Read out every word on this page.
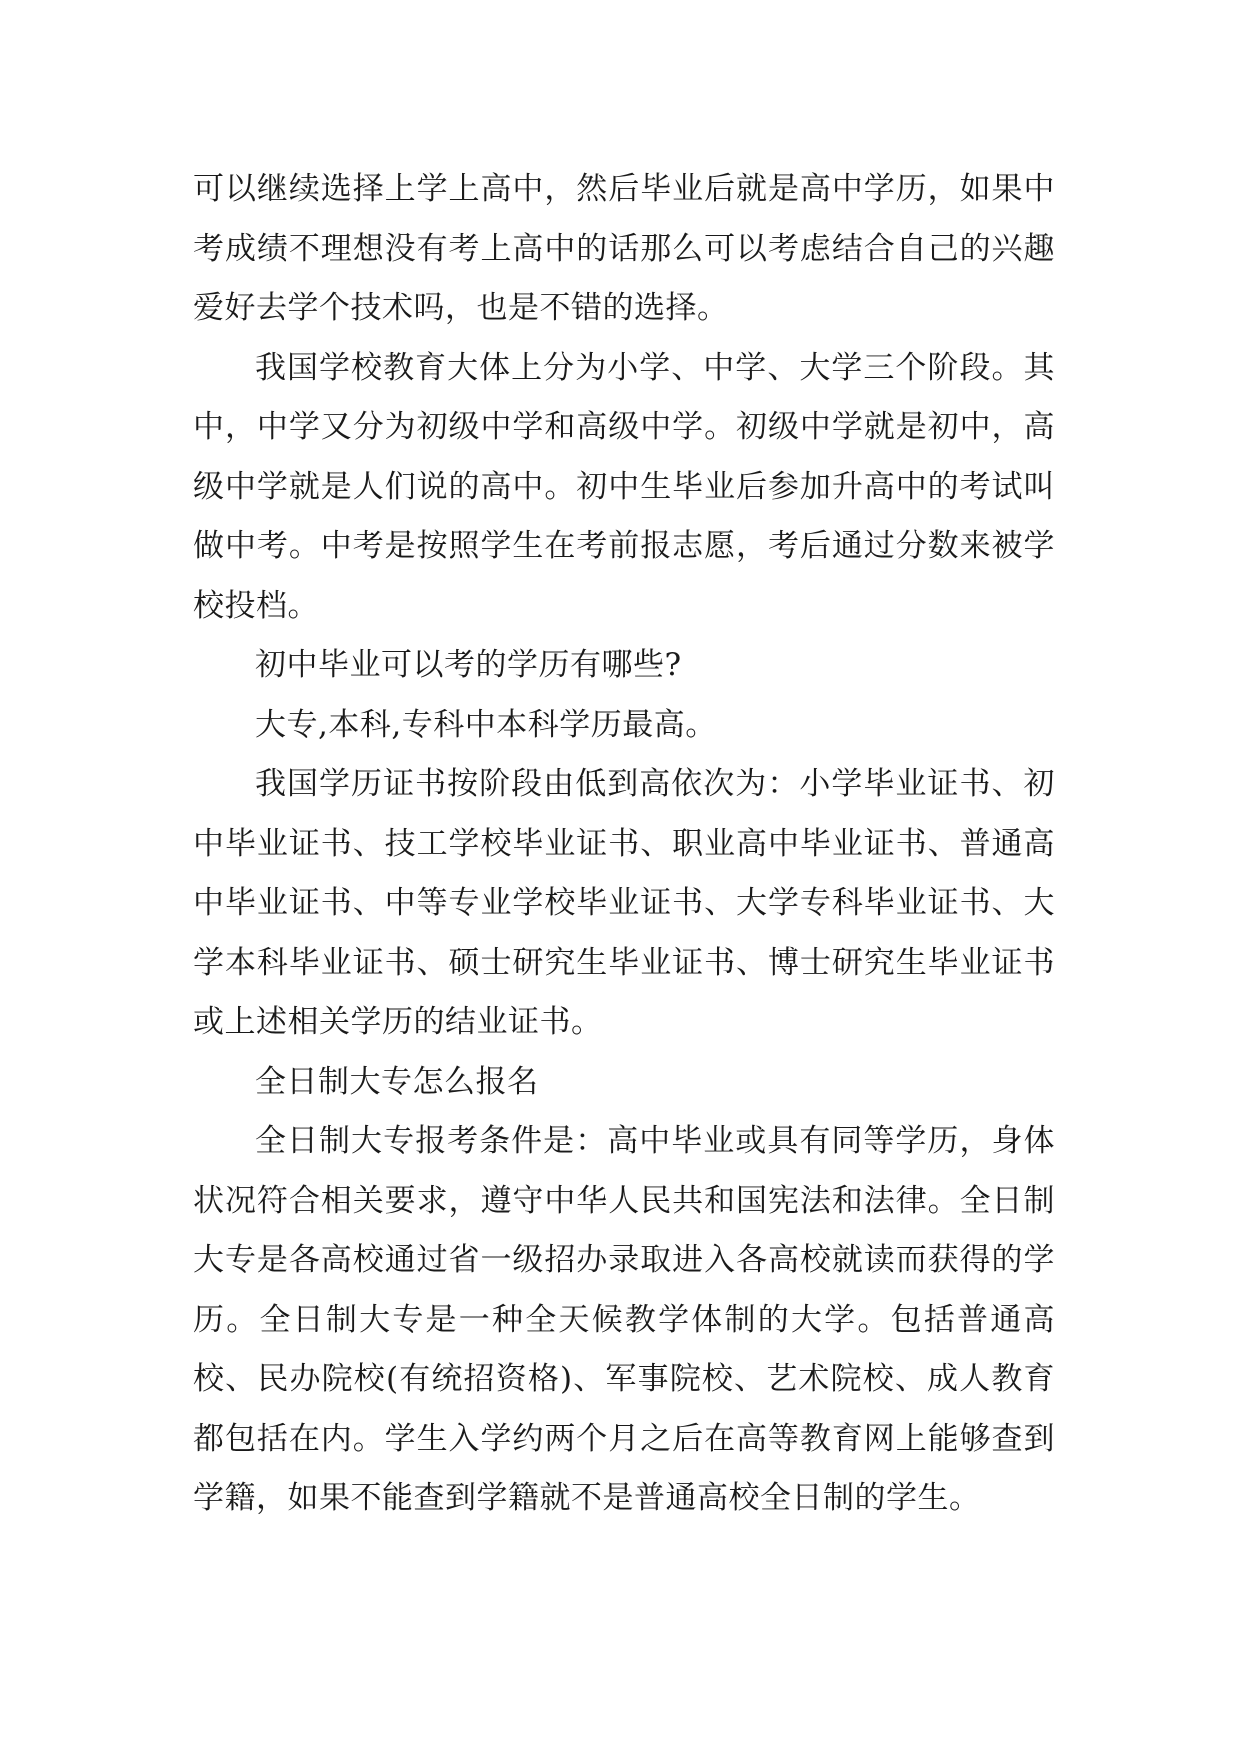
可以继续选择上学上高中，然后毕业后就是高中学历，如果中考成绩不理想没有考上高中的话那么可以考虑结合自己的兴趣爱好去学个技术吗，也是不错的选择。

我国学校教育大体上分为小学、中学、大学三个阶段。其中，中学又分为初级中学和高级中学。初级中学就是初中，高级中学就是人们说的高中。初中生毕业后参加升高中的考试叫做中考。中考是按照学生在考前报志愿，考后通过分数来被学校投档。

初中毕业可以考的学历有哪些?

大专,本科,专科中本科学历最高。

我国学历证书按阶段由低到高依次为：小学毕业证书、初中毕业证书、技工学校毕业证书、职业高中毕业证书、普通高中毕业证书、中等专业学校毕业证书、大学专科毕业证书、大学本科毕业证书、硕士研究生毕业证书、博士研究生毕业证书或上述相关学历的结业证书。

全日制大专怎么报名

全日制大专报考条件是：高中毕业或具有同等学历，身体状况符合相关要求，遵守中华人民共和国宪法和法律。全日制大专是各高校通过省一级招办录取进入各高校就读而获得的学历。全日制大专是一种全天候教学体制的大学。包括普通高校、民办院校(有统招资格)、军事院校、艺术院校、成人教育都包括在内。学生入学约两个月之后在高等教育网上能够查到学籍，如果不能查到学籍就不是普通高校全日制的学生。
